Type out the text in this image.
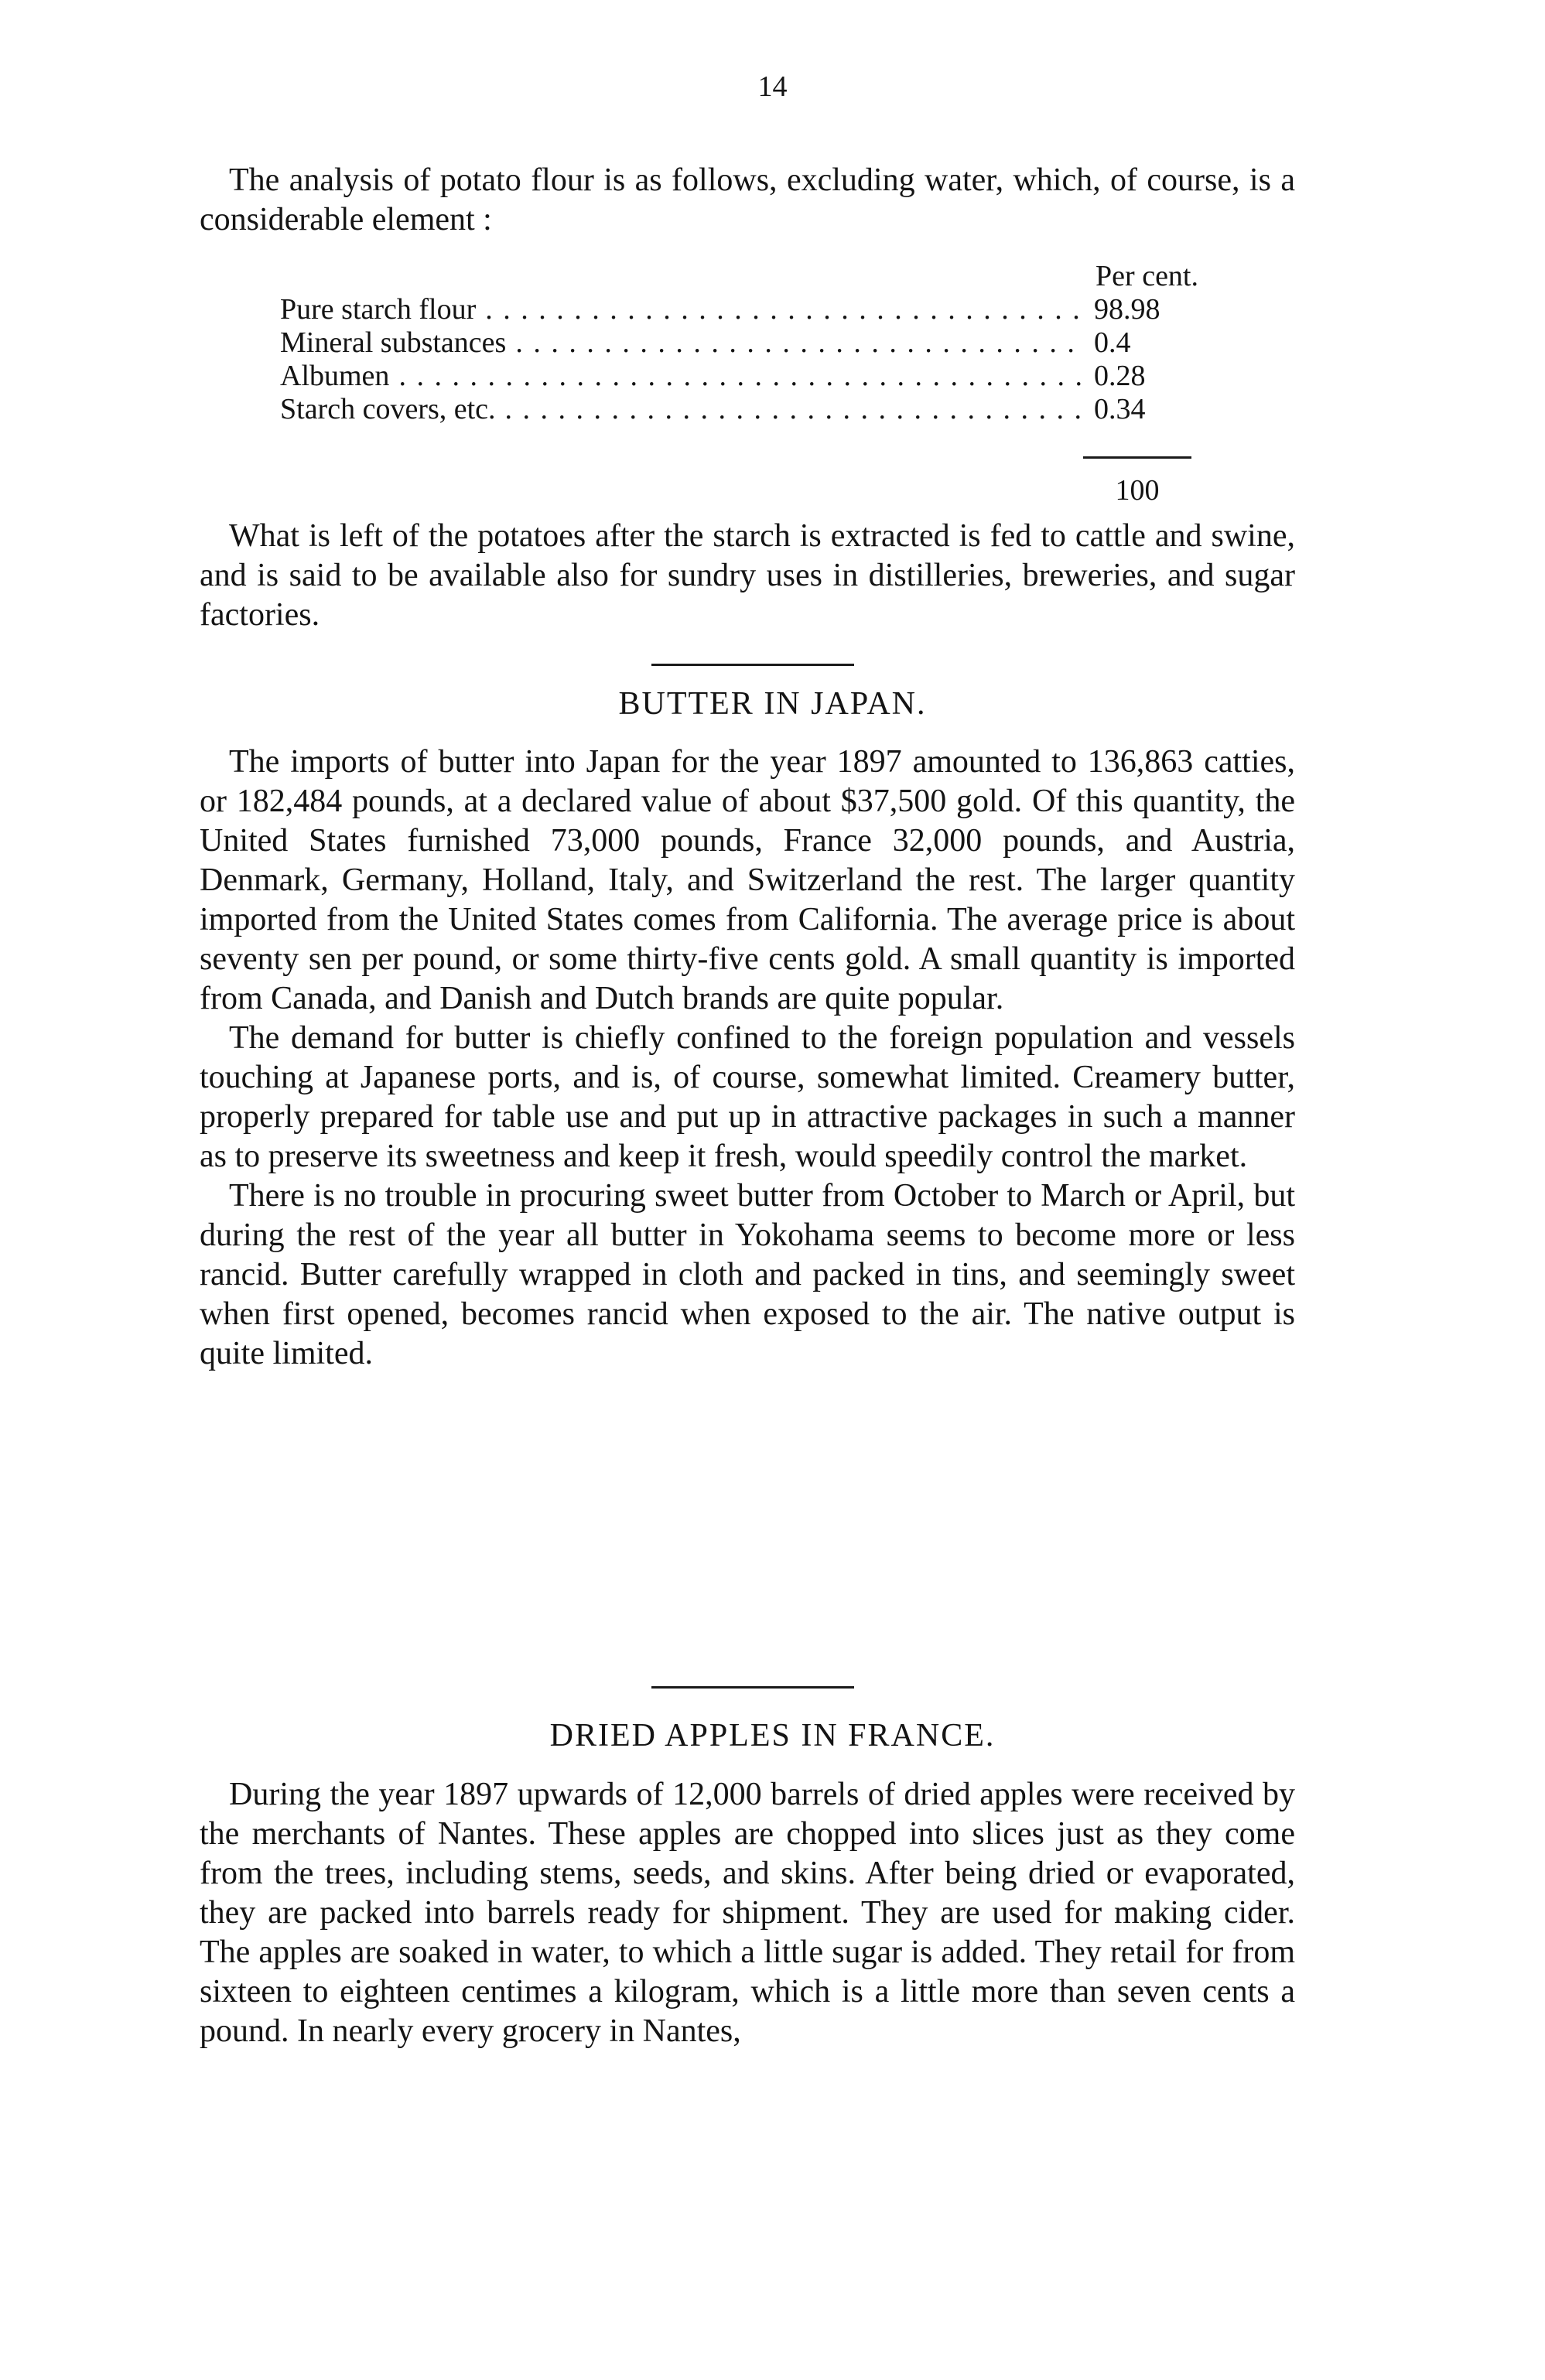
14

The analysis of potato flour is as follows, excluding water, which, of course, is a considerable element :

Per cent.
Pure starch flour . . .	98.98
Mineral substances . . .	0.4
Albumen . . .	0.28
Starch covers, etc. . . .	0.34
100

What is left of the potatoes after the starch is extracted is fed to cattle and swine, and is said to be available also for sundry uses in distilleries, breweries, and sugar factories.

BUTTER IN JAPAN.

The imports of butter into Japan for the year 1897 amounted to 136,863 catties, or 182,484 pounds, at a declared value of about $37,500 gold. Of this quantity, the United States furnished 73,000 pounds, France 32,000 pounds, and Austria, Denmark, Germany, Holland, Italy, and Switzerland the rest. The larger quantity imported from the United States comes from California. The average price is about seventy sen per pound, or some thirty-five cents gold. A small quantity is imported from Canada, and Danish and Dutch brands are quite popular.

The demand for butter is chiefly confined to the foreign population and vessels touching at Japanese ports, and is, of course, somewhat limited. Creamery butter, properly prepared for table use and put up in attractive packages in such a manner as to preserve its sweetness and keep it fresh, would speedily control the market.

There is no trouble in procuring sweet butter from October to March or April, but during the rest of the year all butter in Yokohama seems to become more or less rancid. Butter carefully wrapped in cloth and packed in tins, and seemingly sweet when first opened, becomes rancid when exposed to the air. The native output is quite limited.

DRIED APPLES IN FRANCE.

During the year 1897 upwards of 12,000 barrels of dried apples were received by the merchants of Nantes. These apples are chopped into slices just as they come from the trees, including stems, seeds, and skins. After being dried or evaporated, they are packed into barrels ready for shipment. They are used for making cider. The apples are soaked in water, to which a little sugar is added. They retail for from sixteen to eighteen centimes a kilogram, which is a little more than seven cents a pound. In nearly every grocery in Nantes,
